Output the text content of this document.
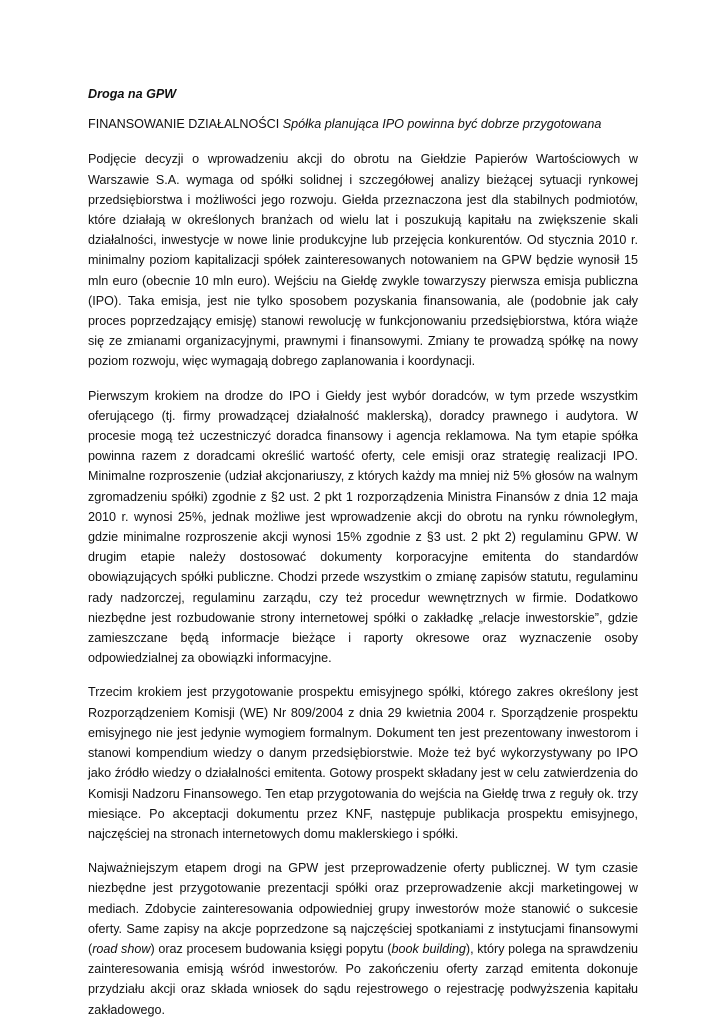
Droga na GPW

FINANSOWANIE DZIAŁALNOŚCI Spółka planująca IPO powinna być dobrze przygotowana

Podjęcie decyzji o wprowadzeniu akcji do obrotu na Giełdzie Papierów Wartościowych w Warszawie S.A. wymaga od spółki solidnej i szczegółowej analizy bieżącej sytuacji rynkowej przedsiębiorstwa i możliwości jego rozwoju. Giełda przeznaczona jest dla stabilnych podmiotów, które działają w określonych branżach od wielu lat i poszukują kapitału na zwiększenie skali działalności, inwestycje w nowe linie produkcyjne lub przejęcia konkurentów. Od stycznia 2010 r. minimalny poziom kapitalizacji spółek zainteresowanych notowaniem na GPW będzie wynosił 15 mln euro (obecnie 10 mln euro). Wejściu na Giełdę zwykle towarzyszy pierwsza emisja publiczna (IPO). Taka emisja, jest nie tylko sposobem pozyskania finansowania, ale (podobnie jak cały proces poprzedzający emisję) stanowi rewolucję w funkcjonowaniu przedsiębiorstwa, która wiąże się ze zmianami organizacyjnymi, prawnymi i finansowymi. Zmiany te prowadzą spółkę na nowy poziom rozwoju, więc wymagają dobrego zaplanowania i koordynacji.

Pierwszym krokiem na drodze do IPO i Giełdy jest wybór doradców, w tym przede wszystkim oferującego (tj. firmy prowadzącej działalność maklerską), doradcy prawnego i audytora. W procesie mogą też uczestniczyć doradca finansowy i agencja reklamowa. Na tym etapie spółka powinna razem z doradcami określić wartość oferty, cele emisji oraz strategię realizacji IPO. Minimalne rozproszenie (udział akcjonariuszy, z których każdy ma mniej niż 5% głosów na walnym zgromadzeniu spółki) zgodnie z §2 ust. 2 pkt 1 rozporządzenia Ministra Finansów z dnia 12 maja 2010 r. wynosi 25%, jednak możliwe jest wprowadzenie akcji do obrotu na rynku równoległym, gdzie minimalne rozproszenie akcji wynosi 15% zgodnie z §3 ust. 2 pkt 2) regulaminu GPW. W drugim etapie należy dostosować dokumenty korporacyjne emitenta do standardów obowiązujących spółki publiczne. Chodzi przede wszystkim o zmianę zapisów statutu, regulaminu rady nadzorczej, regulaminu zarządu, czy też procedur wewnętrznych w firmie. Dodatkowo niezbędne jest rozbudowanie strony internetowej spółki o zakładkę „relacje inwestorskie”, gdzie zamieszczane będą informacje bieżące i raporty okresowe oraz wyznaczenie osoby odpowiedzialnej za obowiązki informacyjne.

Trzecim krokiem jest przygotowanie prospektu emisyjnego spółki, którego zakres określony jest Rozporządzeniem Komisji (WE) Nr 809/2004 z dnia 29 kwietnia 2004 r. Sporządzenie prospektu emisyjnego nie jest jedynie wymogiem formalnym. Dokument ten jest prezentowany inwestorom i stanowi kompendium wiedzy o danym przedsiębiorstwie. Może też być wykorzystywany po IPO jako źródło wiedzy o działalności emitenta. Gotowy prospekt składany jest w celu zatwierdzenia do Komisji Nadzoru Finansowego. Ten etap przygotowania do wejścia na Giełdę trwa z reguły ok. trzy miesiące. Po akceptacji dokumentu przez KNF, następuje publikacja prospektu emisyjnego, najczęściej na stronach internetowych domu maklerskiego i spółki.

Najważniejszym etapem drogi na GPW jest przeprowadzenie oferty publicznej. W tym czasie niezbędne jest przygotowanie prezentacji spółki oraz przeprowadzenie akcji marketingowej w mediach. Zdobycie zainteresowania odpowiedniej grupy inwestorów może stanowić o sukcesie oferty. Same zapisy na akcje poprzedzone są najczęściej spotkaniami z instytucjami finansowymi (road show) oraz procesem budowania księgi popytu (book building), który polega na sprawdzeniu zainteresowania emisją wśród inwestorów. Po zakończeniu oferty zarząd emitenta dokonuje przydziału akcji oraz składa wniosek do sądu rejestrowego o rejestrację podwyższenia kapitału zakładowego.
